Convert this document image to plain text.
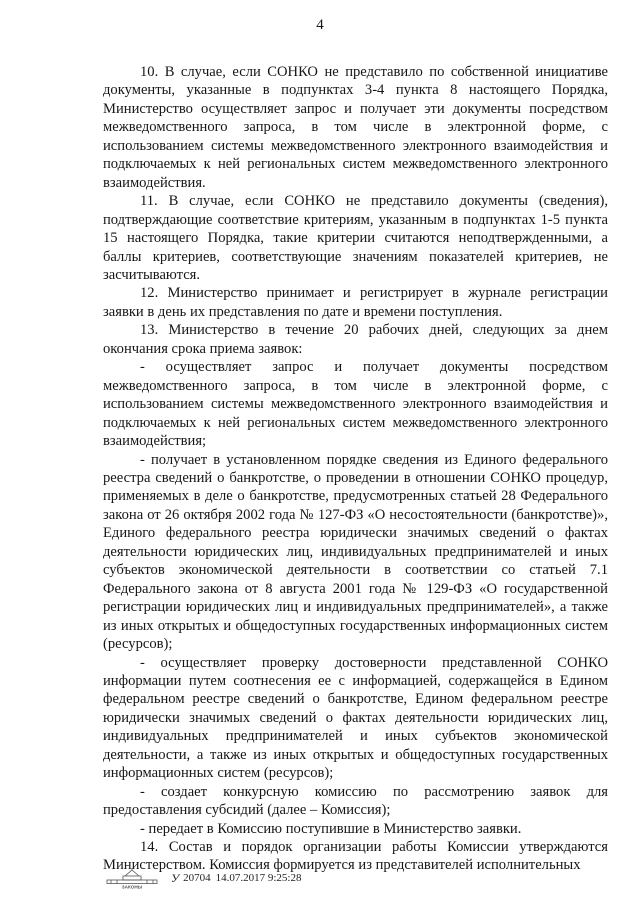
4

10. В случае, если СОНКО не представило по собственной инициативе документы, указанные в подпунктах 3-4 пункта 8 настоящего Порядка, Министерство осуществляет запрос и получает эти документы посредством межведомственного запроса, в том числе в электронной форме, с использованием системы межведомственного электронного взаимодействия и подключаемых к ней региональных систем межведомственного электронного взаимодействия.

11. В случае, если СОНКО не представило документы (сведения), подтверждающие соответствие критериям, указанным в подпунктах 1-5 пункта 15 настоящего Порядка, такие критерии считаются неподтвержденными, а баллы критериев, соответствующие значениям показателей критериев, не засчитываются.

12. Министерство принимает и регистрирует в журнале регистрации заявки в день их представления по дате и времени поступления.

13. Министерство в течение 20 рабочих дней, следующих за днем окончания срока приема заявок:

- осуществляет запрос и получает документы посредством межведомственного запроса, в том числе в электронной форме, с использованием системы межведомственного электронного взаимодействия и подключаемых к ней региональных систем межведомственного электронного взаимодействия;

- получает в установленном порядке сведения из Единого федерального реестра сведений о банкротстве, о проведении в отношении СОНКО процедур, применяемых в деле о банкротстве, предусмотренных статьей 28 Федерального закона от 26 октября 2002 года № 127-ФЗ «О несостоятельности (банкротстве)», Единого федерального реестра юридически значимых сведений о фактах деятельности юридических лиц, индивидуальных предпринимателей и иных субъектов экономической деятельности в соответствии со статьей 7.1 Федерального закона от 8 августа 2001 года № 129-ФЗ «О государственной регистрации юридических лиц и индивидуальных предпринимателей», а также из иных открытых и общедоступных государственных информационных систем (ресурсов);

- осуществляет проверку достоверности представленной СОНКО информации путем соотнесения ее с информацией, содержащейся в Едином федеральном реестре сведений о банкротстве, Едином федеральном реестре юридически значимых сведений о фактах деятельности юридических лиц, индивидуальных предпринимателей и иных субъектов экономической деятельности, а также из иных открытых и общедоступных государственных информационных систем (ресурсов);

- создает конкурсную комиссию по рассмотрению заявок для предоставления субсидий (далее – Комиссия);

- передает в Комиссию поступившие в Министерство заявки.

14. Состав и порядок организации работы Комиссии утверждаются Министерством. Комиссия формируется из представителей исполнительных

ЗАКОНЫ
У 20704 14.07.2017 9:25:28
